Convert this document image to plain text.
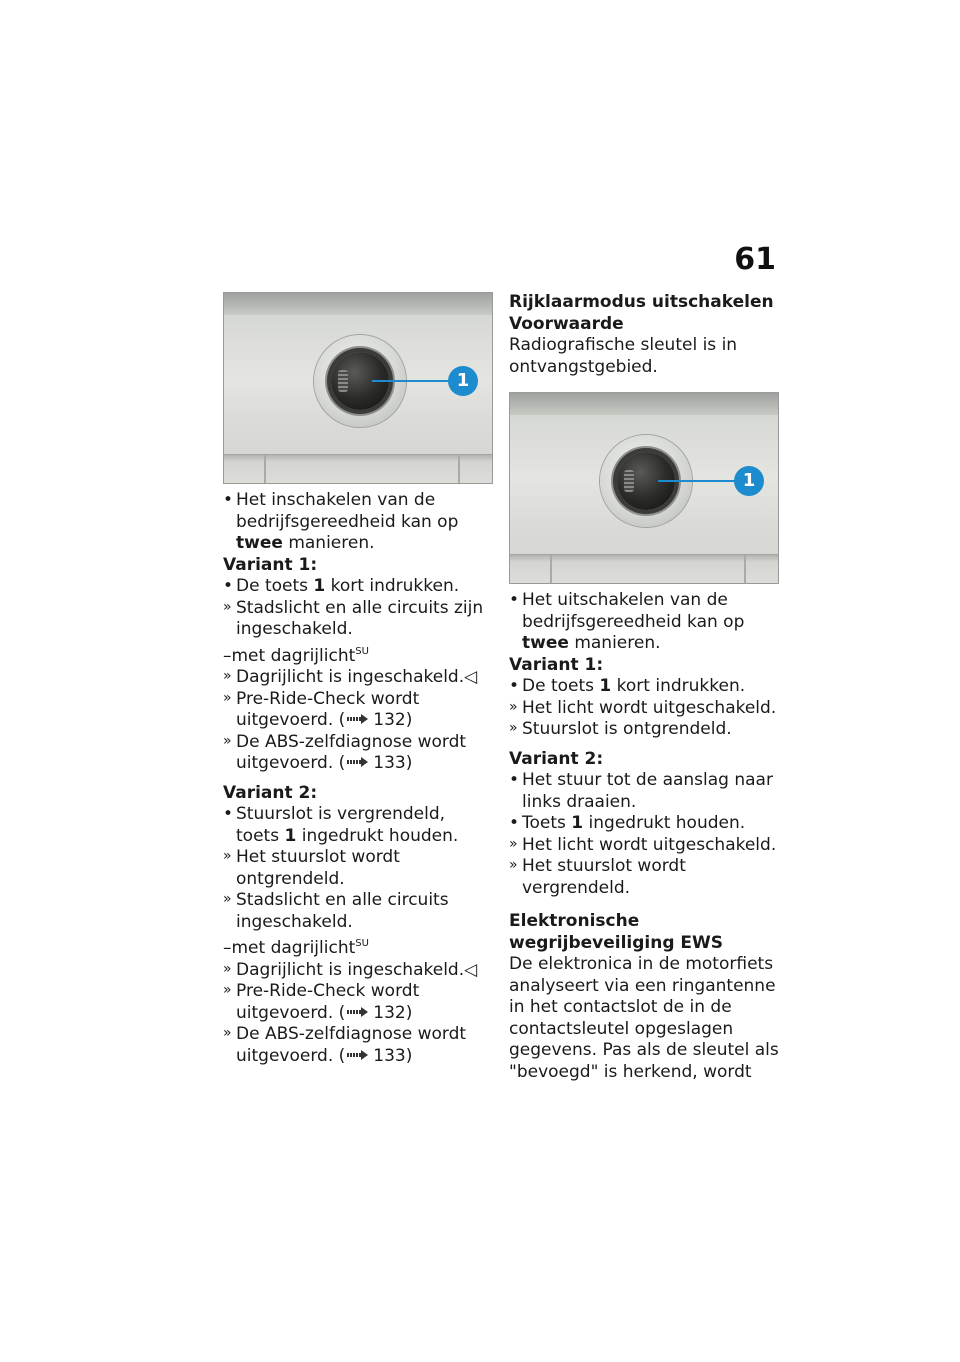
61
1

• Het inschakelen van de bedrijfsgereedheid kan op twee manieren.

Variant 1:

• De toets 1 kort indrukken.

» Stadslicht en alle circuits zijn ingeschakeld.

–met dagrijlicht$^{SU}$

» Dagrijlicht is ingeschakeld.◁

» Pre-Ride-Check wordt uitgevoerd. ( 132)

» De ABS-zelfdiagnose wordt uitgevoerd. ( 133)

Variant 2:

• Stuurslot is vergrendeld,
toets 1 ingedrukt houden.

» Het stuurslot wordt ontgrendeld.

» Stadslicht en alle circuits ingeschakeld.

–met dagrijlicht$^{SU}$

» Dagrijlicht is ingeschakeld.◁

» Pre-Ride-Check wordt uitgevoerd. ( 132)

» De ABS-zelfdiagnose wordt uitgevoerd. ( 133)

Rijklaarmodus uitschakelen

Voorwaarde

Radiografische sleutel is in ontvangstgebied.

1

• Het uitschakelen van de bedrijfsgereedheid kan op twee manieren.

Variant 1:

• De toets 1 kort indrukken.

» Het licht wordt uitgeschakeld.

» Stuurslot is ontgrendeld.

Variant 2:

• Het stuur tot de aanslag naar links draaien.

• Toets 1 ingedrukt houden.

» Het licht wordt uitgeschakeld.

» Het stuurslot wordt vergrendeld.

Elektronische wegrijbeveiliging EWS

De elektronica in de motorfiets analyseert via een ringantenne in het contactslot de in de contactsleutel opgeslagen gegevens. Pas als de sleutel als "bevoegd" is herkend, wordt
